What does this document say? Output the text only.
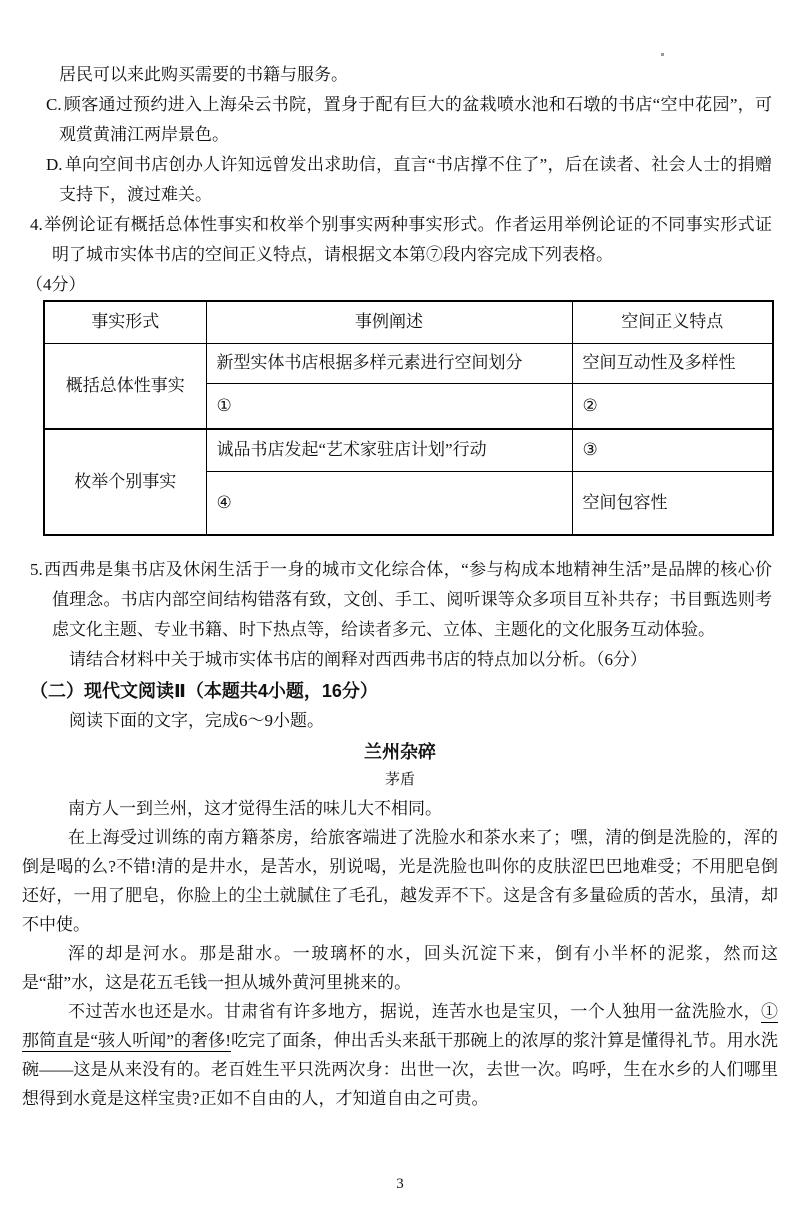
居民可以来此购买需要的书籍与服务。

C. 顾客通过预约进入上海朵云书院，置身于配有巨大的盆栽喷水池和石墩的书店“空中花园”，可观赏黄浦江两岸景色。

D. 单向空间书店创办人许知远曾发出求助信，直言“书店撑不住了”，后在读者、社会人士的捐赠支持下，渡过难关。

4.举例论证有概括总体性事实和枚举个别事实两种事实形式。作者运用举例论证的不同事实形式证明了城市实体书店的空间正义特点，请根据文本第⑦段内容完成下列表格。

（4分）

事实形式	事例阐述	空间正义特点
概括总体性事实	新型实体书店根据多样元素进行空间划分	空间互动性及多样性
	①	②
枚举个别事实	诚品书店发起“艺术家驻店计划”行动	③
	④	空间包容性

5.西西弗是集书店及休闲生活于一身的城市文化综合体，“参与构成本地精神生活”是品牌的核心价值理念。书店内部空间结构错落有致，文创、手工、阅听课等众多项目互补共存；书目甄选则考虑文化主题、专业书籍、时下热点等，给读者多元、立体、主题化的文化服务互动体验。

请结合材料中关于城市实体书店的阐释对西西弗书店的特点加以分析。（6分）

（二）现代文阅读Ⅱ（本题共4小题，16分）

阅读下面的文字，完成6～9小题。

兰州杂碎

茅盾

南方人一到兰州，这才觉得生活的味儿大不相同。

在上海受过训练的南方籍茶房，给旅客端进了洗脸水和茶水来了；嘿，清的倒是洗脸的，浑的倒是喝的么?不错!清的是井水，是苦水，别说喝，光是洗脸也叫你的皮肤涩巴巴地难受；不用肥皂倒还好，一用了肥皂，你脸上的尘土就腻住了毛孔，越发弄不下。这是含有多量硷质的苦水，虽清，却不中使。

浑的却是河水。那是甜水。一玻璃杯的水，回头沉淀下来，倒有小半杯的泥浆，然而这是“甜”水，这是花五毛钱一担从城外黄河里挑来的。

不过苦水也还是水。甘肃省有许多地方，据说，连苦水也是宝贝，一个人独用一盆洗脸水，①那简直是“骇人听闻”的奢侈!吃完了面条，伸出舌头来舐干那碗上的浓厚的浆汁算是懂得礼节。用水洗碗——这是从来没有的。老百姓生平只洗两次身：出世一次，去世一次。呜呼，生在水乡的人们哪里想得到水竟是这样宝贵?正如不自由的人，才知道自由之可贵。

3
